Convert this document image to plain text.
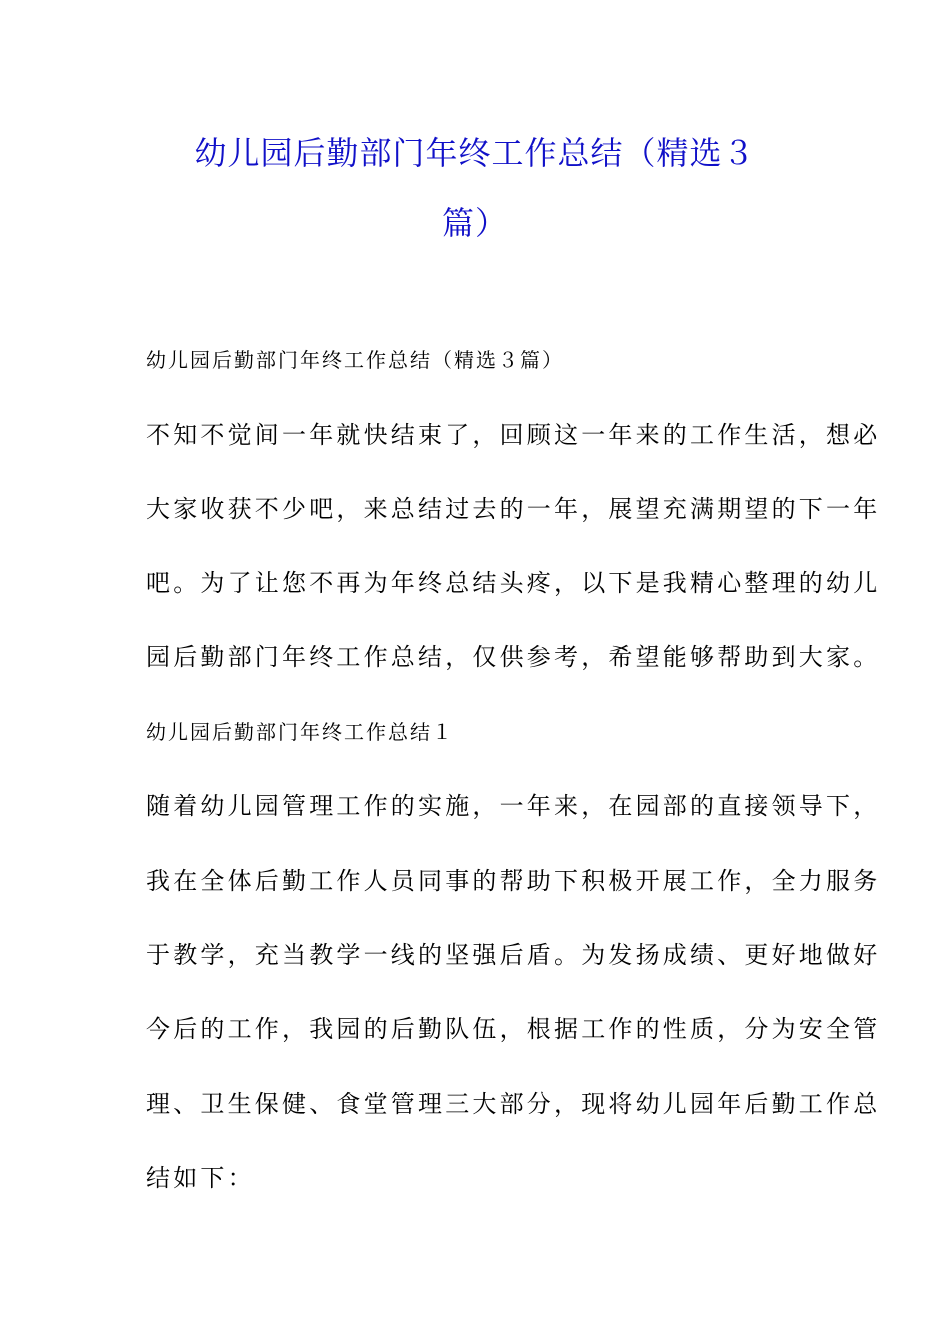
幼儿园后勤部门年终工作总结（精选３
篇）
幼儿园后勤部门年终工作总结（精选３篇）
不知不觉间一年就快结束了，回顾这一年来的工作生活，想必
大家收获不少吧，来总结过去的一年，展望充满期望的下一年
吧。为了让您不再为年终总结头疼，以下是我精心整理的幼儿
园后勤部门年终工作总结，仅供参考，希望能够帮助到大家。
幼儿园后勤部门年终工作总结１
随着幼儿园管理工作的实施，一年来，在园部的直接领导下，
我在全体后勤工作人员同事的帮助下积极开展工作，全力服务
于教学，充当教学一线的坚强后盾。为发扬成绩、更好地做好
今后的工作，我园的后勤队伍，根据工作的性质，分为安全管
理、卫生保健、食堂管理三大部分，现将幼儿园年后勤工作总
结如下：
